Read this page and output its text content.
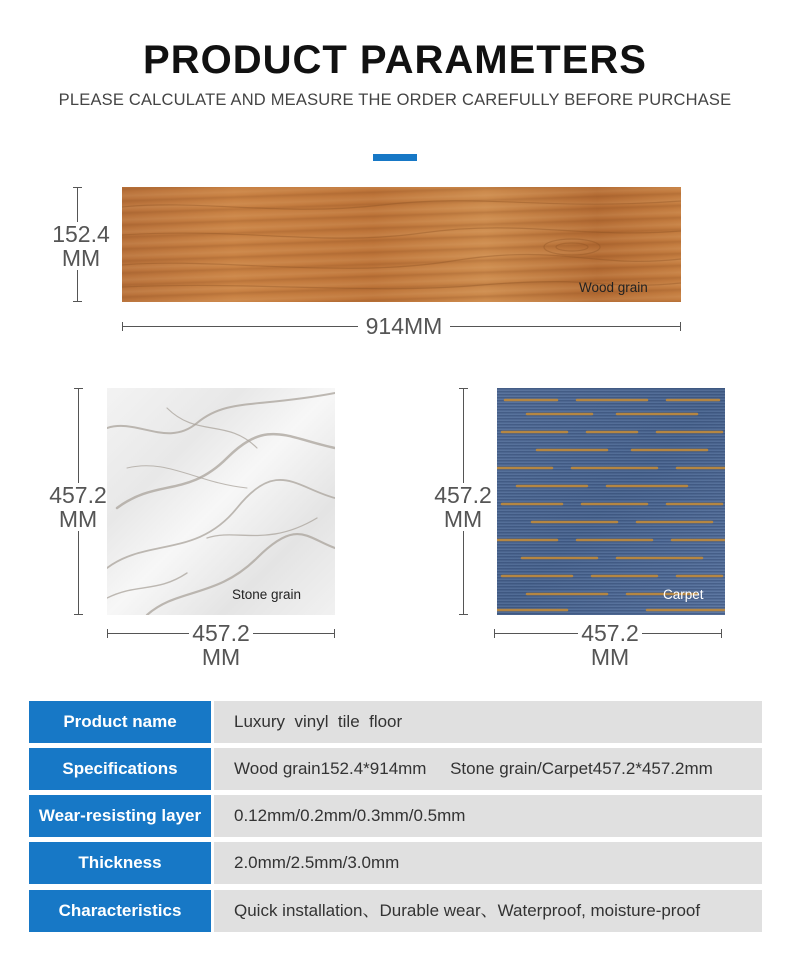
PRODUCT PARAMETERS
PLEASE CALCULATE AND MEASURE THE ORDER CAREFULLY BEFORE PURCHASE
152.4
MM
Wood grain
914MM
457.2
MM
Stone grain
457.2
MM
457.2
MM
Carpet
457.2
MM
Product name	Luxury  vinyl  tile  floor
Specifications	Wood grain152.4*914mm     Stone grain/Carpet457.2*457.2mm
Wear-resisting layer	0.12mm/0.2mm/0.3mm/0.5mm
Thickness	2.0mm/2.5mm/3.0mm
Characteristics	Quick installation、Durable wear、Waterproof, moisture-proof
